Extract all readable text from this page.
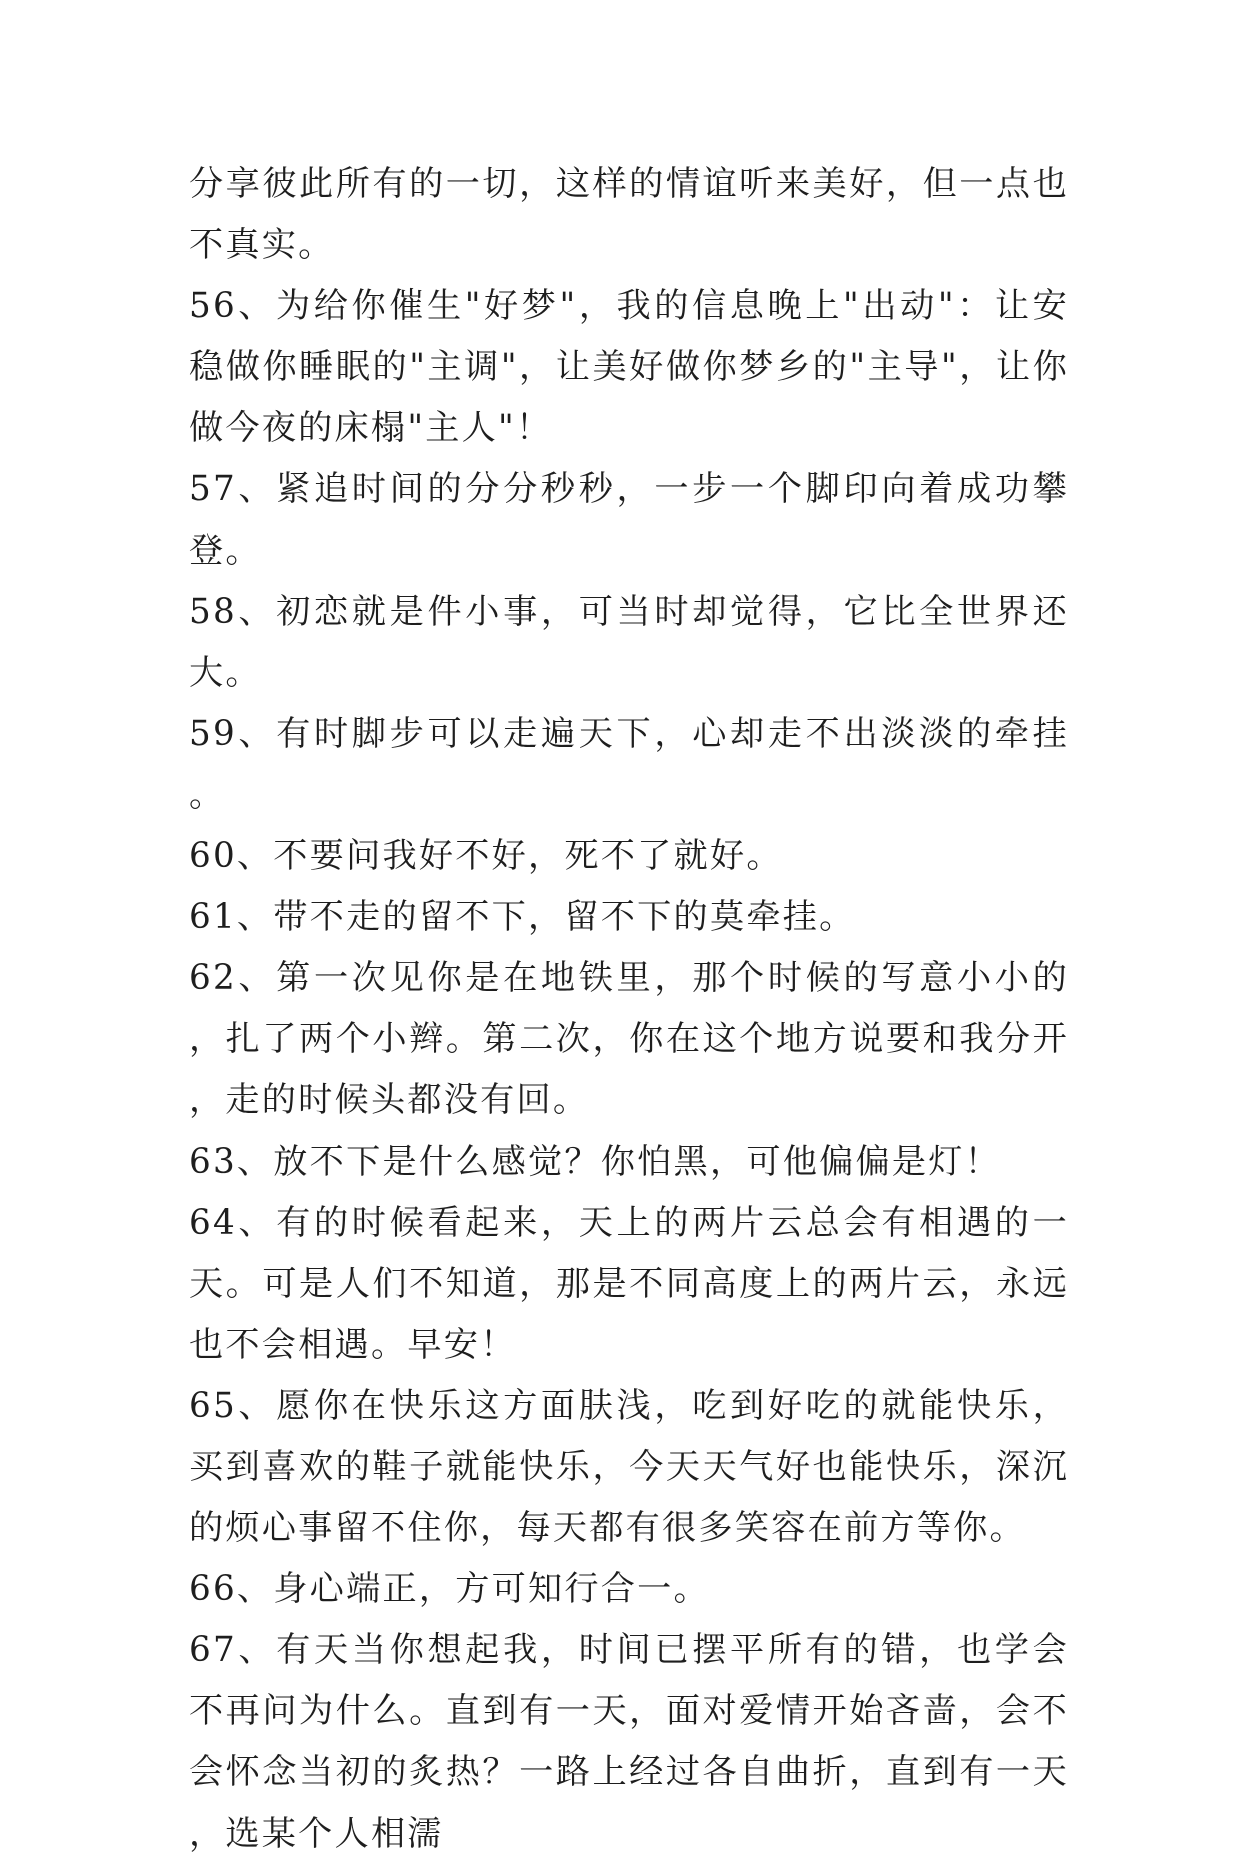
分享彼此所有的一切，这样的情谊听来美好，但一点也不真实。

56、为给你催生"好梦"，我的信息晚上"出动"：让安稳做你睡眠的"主调"，让美好做你梦乡的"主导"，让你做今夜的床榻"主人"！

57、紧追时间的分分秒秒，一步一个脚印向着成功攀登。

58、初恋就是件小事，可当时却觉得，它比全世界还大。

59、有时脚步可以走遍天下，心却走不出淡淡的牵挂。

60、不要问我好不好，死不了就好。

61、带不走的留不下，留不下的莫牵挂。

62、第一次见你是在地铁里，那个时候的写意小小的，扎了两个小辫。第二次，你在这个地方说要和我分开，走的时候头都没有回。

63、放不下是什么感觉？你怕黑，可他偏偏是灯！

64、有的时候看起来，天上的两片云总会有相遇的一天。可是人们不知道，那是不同高度上的两片云，永远也不会相遇。早安！

65、愿你在快乐这方面肤浅，吃到好吃的就能快乐，买到喜欢的鞋子就能快乐，今天天气好也能快乐，深沉的烦心事留不住你，每天都有很多笑容在前方等你。

66、身心端正，方可知行合一。

67、有天当你想起我，时间已摆平所有的错，也学会不再问为什么。直到有一天，面对爱情开始吝啬，会不会怀念当初的炙热？一路上经过各自曲折，直到有一天，选某个人相濡
